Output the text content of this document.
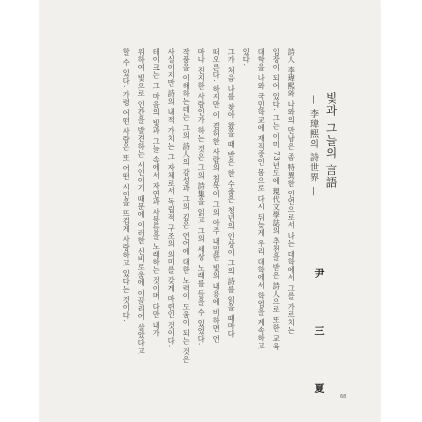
빛과 그늘의 言語
— 李瑋熙의 詩世界 —
尹 三 夏
詩人 李瑋熙와 나와의 만남은 좀 特異한 인연으로서 나는 대학에서 그를 가르치는
입장이 되어 있다. 그는 이미 73년도에 現代文學誌의 추천을 받은 詩人으로 또한 교육
대학을 나와 국민학교에 재직중인 몸으로 다시 뒤늦게 우리 대학에서 학업을 계속하고
있다.
그가 처음 나를 찾아 왔을 때 받은 한 수줍은 청년의 인상이 그의 詩를 읽을 때마다
떠오른다. 하지만 이 겸허한 사람의 침묵이 그의 아주 내밀한 빛의 내용에 비하면 언
마나 진지한 사람인가 하는 것은 그의 詩集을 읽고 그의 세상 노래를 들을 수 있었다.
작품을 이해하는데는 그의 詩人의 감성과 그의 깊은 언어에 대한 노력이 도움이 되는 것은
사실이지만 詩의 내적 가치는 그 자체로서 독립적 구조의 의미를 갖게 마련인 것이다.
테이크는 그 마음의 빛과 그늘 속에서 자연과 사물들을 노래하는 것이며 다만 내가
위하여 빛으로 인간을 발견하는 시인이기 때문에 이러한 신비로움에 이끌리어 살았다고
할 수 있다. 가령 어떤 사람은 또 어떤 시인을 뜨겁게 사랑하고 있다는 것이다.
68
